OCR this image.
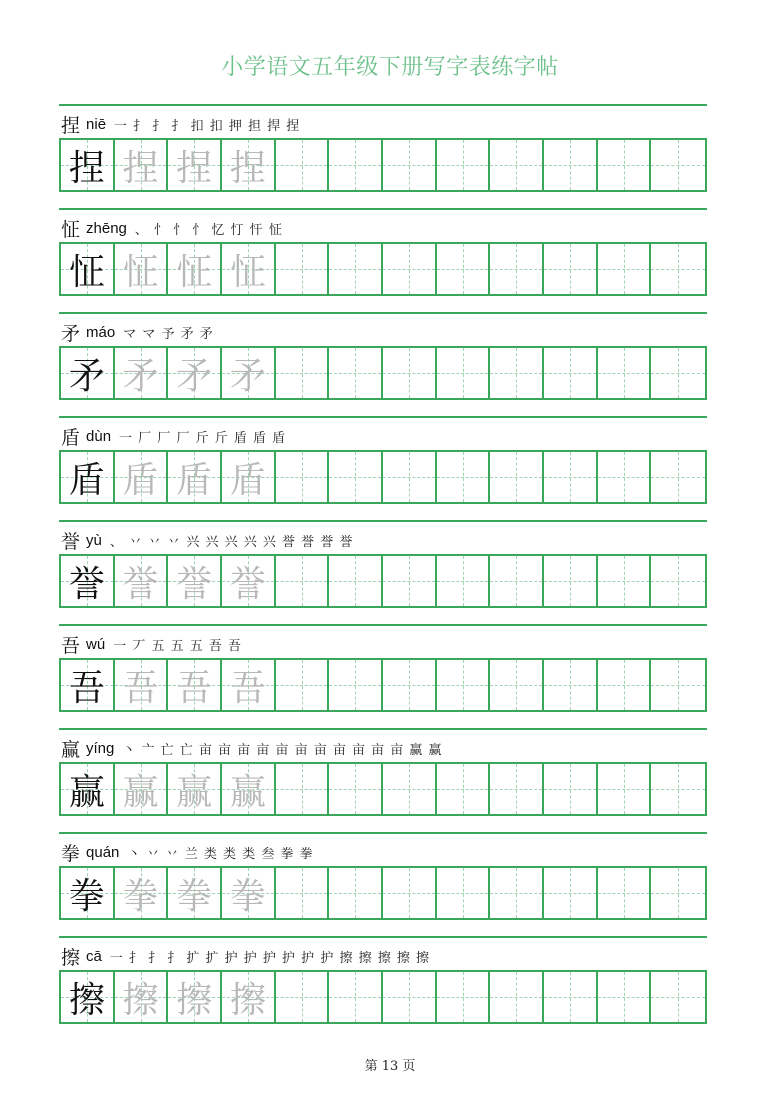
小学语文五年级下册写字表练字帖
捏 niē 一 扌 扌 扌 扣 扣 押 担 捍 捏
捏 捏 捏 捏
怔 zhēng 、 忄 忄 忄 忆 忊 忓 怔
怔 怔 怔 怔
矛 máo マ マ 予 矛 矛
矛 矛 矛 矛
盾 dùn 一 厂 厂 厂 斤 斤 盾 盾 盾
盾 盾 盾 盾
誉 yù 、 丷 丷 丷 兴 兴 兴 兴 兴 誉 誉 誉 誉
誉 誉 誉 誉
吾 wú 一 丆 五 五 五 吾 吾
吾 吾 吾 吾
赢 yíng 丶 亠 亡 亡 亩 亩 亩 亩 亩 亩 亩 亩 亩 亩 亩 赢 赢
赢 赢 赢 赢
拳 quán 丶 丷 丷 兰 类 类 类 叁 拳 拳
拳 拳 拳 拳
擦 cā 一 扌 扌 扌 扩 扩 护 护 护 护 护 护 擦 擦 擦 擦 擦
擦 擦 擦 擦
第 13 页
